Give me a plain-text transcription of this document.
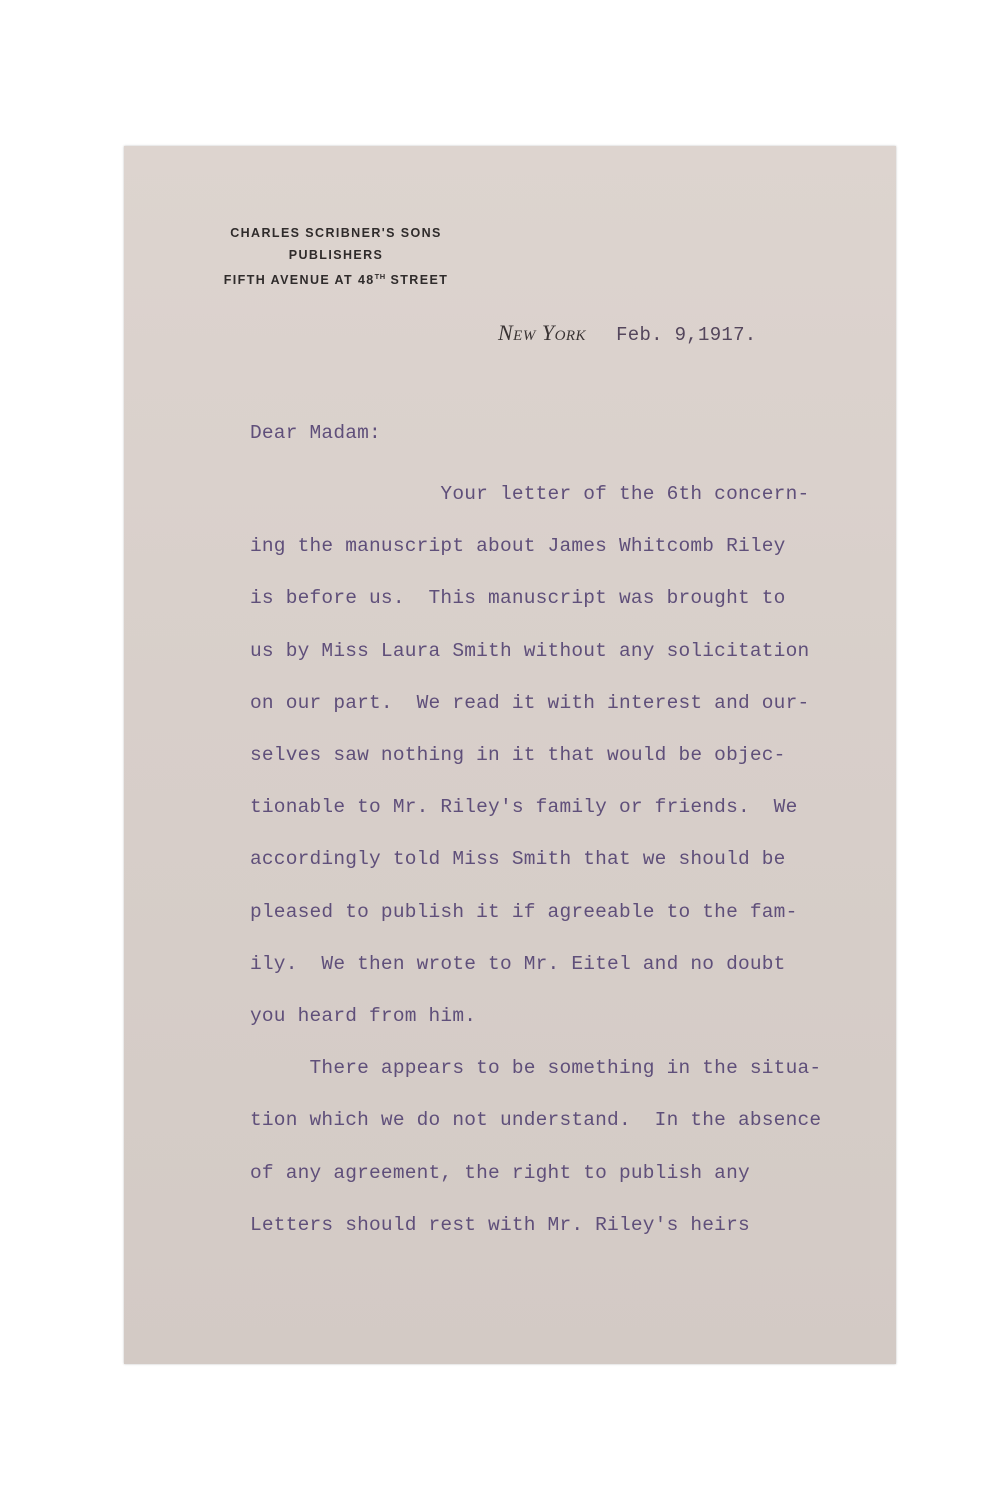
CHARLES SCRIBNER'S SONS
PUBLISHERS
FIFTH AVENUE AT 48TH STREET
New York Feb. 9,1917.
Dear Madam:
Your letter of the 6th concern-
ing the manuscript about James Whitcomb Riley
is before us.  This manuscript was brought to
us by Miss Laura Smith without any solicitation
on our part.  We read it with interest and our-
selves saw nothing in it that would be objec-
tionable to Mr. Riley's family or friends.  We
accordingly told Miss Smith that we should be
pleased to publish it if agreeable to the fam-
ily.  We then wrote to Mr. Eitel and no doubt
you heard from him.
There appears to be something in the situa-
tion which we do not understand.  In the absence
of any agreement, the right to publish any
Letters should rest with Mr. Riley's heirs
